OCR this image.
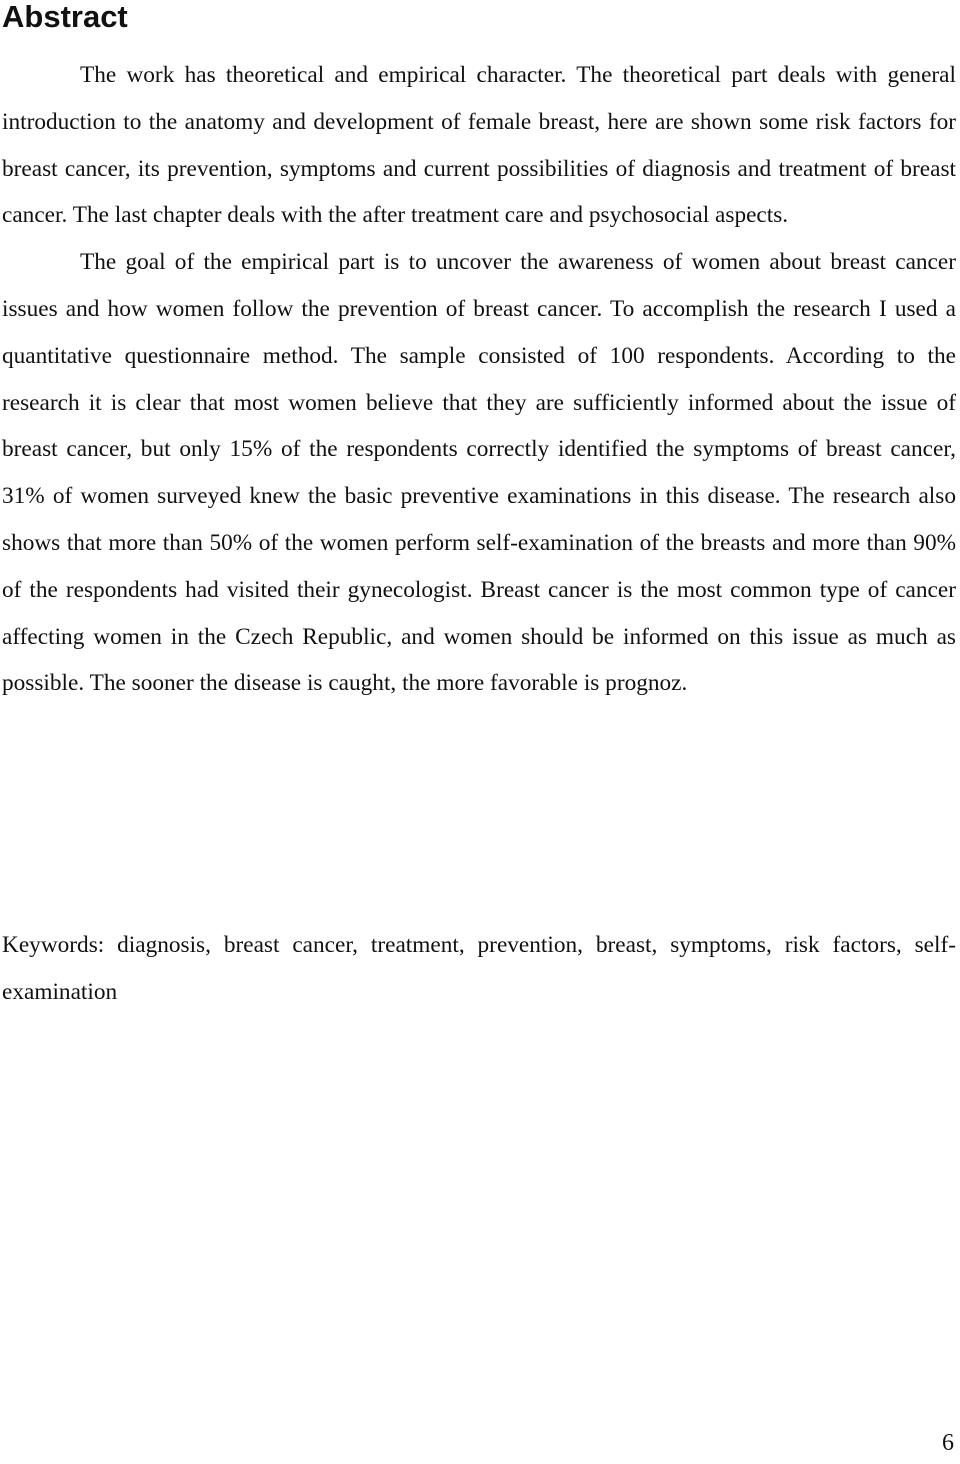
Abstract

The work has theoretical and empirical character. The theoretical part deals with general introduction to the anatomy and development of female breast, here are shown some risk factors for breast cancer, its prevention, symptoms and current possibilities of diagnosis and treatment of breast cancer. The last chapter deals with the after treatment care and psychosocial aspects.

The goal of the empirical part is to uncover the awareness of women about breast cancer issues and how women follow the prevention of breast cancer. To accomplish the research I used a quantitative questionnaire method. The sample consisted of 100 respondents. According to the research it is clear that most women believe that they are sufficiently informed about the issue of breast cancer, but only 15% of the respondents correctly identified the symptoms of breast cancer, 31% of women surveyed knew the basic preventive examinations in this disease. The research also shows that more than 50% of the women perform self-examination of the breasts and more than 90% of the respondents had visited their gynecologist. Breast cancer is the most common type of cancer affecting women in the Czech Republic, and women should be informed on this issue as much as possible. The sooner the disease is caught, the more favorable is prognoz.

Keywords: diagnosis, breast cancer, treatment, prevention, breast, symptoms, risk factors, self-examination

6
